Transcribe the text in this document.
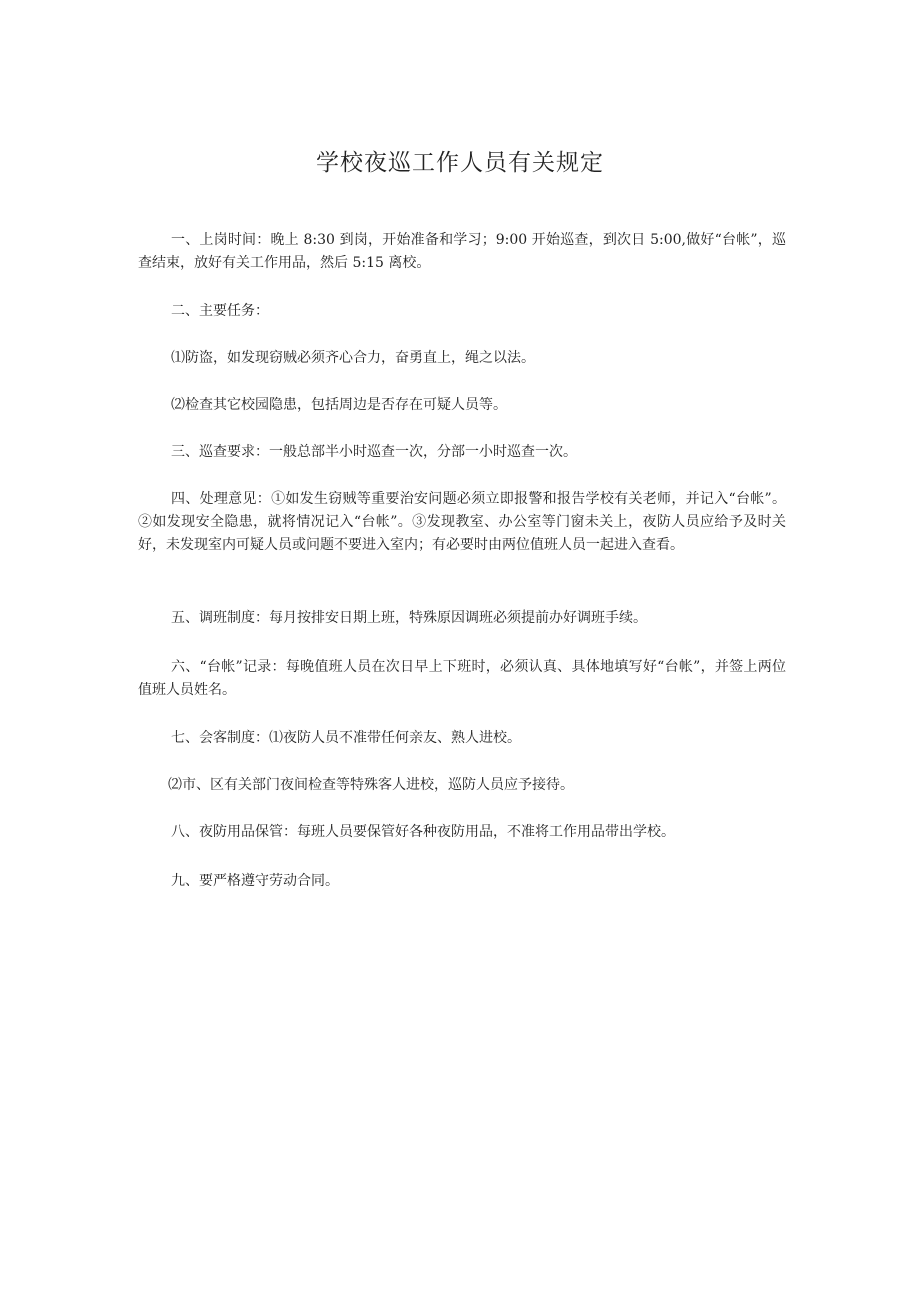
学校夜巡工作人员有关规定

一、上岗时间：晚上 8:30 到岗，开始准备和学习；9:00 开始巡查，到次日 5:00,做好“台帐”，巡查结束，放好有关工作用品，然后 5:15 离校。

二、主要任务：

⑴防盗，如发现窃贼必须齐心合力，奋勇直上，绳之以法。

⑵检查其它校园隐患，包括周边是否存在可疑人员等。

三、巡查要求：一般总部半小时巡查一次，分部一小时巡查一次。

四、处理意见：①如发生窃贼等重要治安问题必须立即报警和报告学校有关老师，并记入“台帐”。②如发现安全隐患，就将情况记入“台帐”。③发现教室、办公室等门窗未关上，夜防人员应给予及时关好，未发现室内可疑人员或问题不要进入室内；有必要时由两位值班人员一起进入查看。

五、调班制度：每月按排安日期上班，特殊原因调班必须提前办好调班手续。

六、“台帐”记录：每晚值班人员在次日早上下班时，必须认真、具体地填写好“台帐”，并签上两位值班人员姓名。

七、会客制度：⑴夜防人员不准带任何亲友、熟人进校。

⑵市、区有关部门夜间检查等特殊客人进校，巡防人员应予接待。

八、夜防用品保管：每班人员要保管好各种夜防用品，不准将工作用品带出学校。

九、要严格遵守劳动合同。
